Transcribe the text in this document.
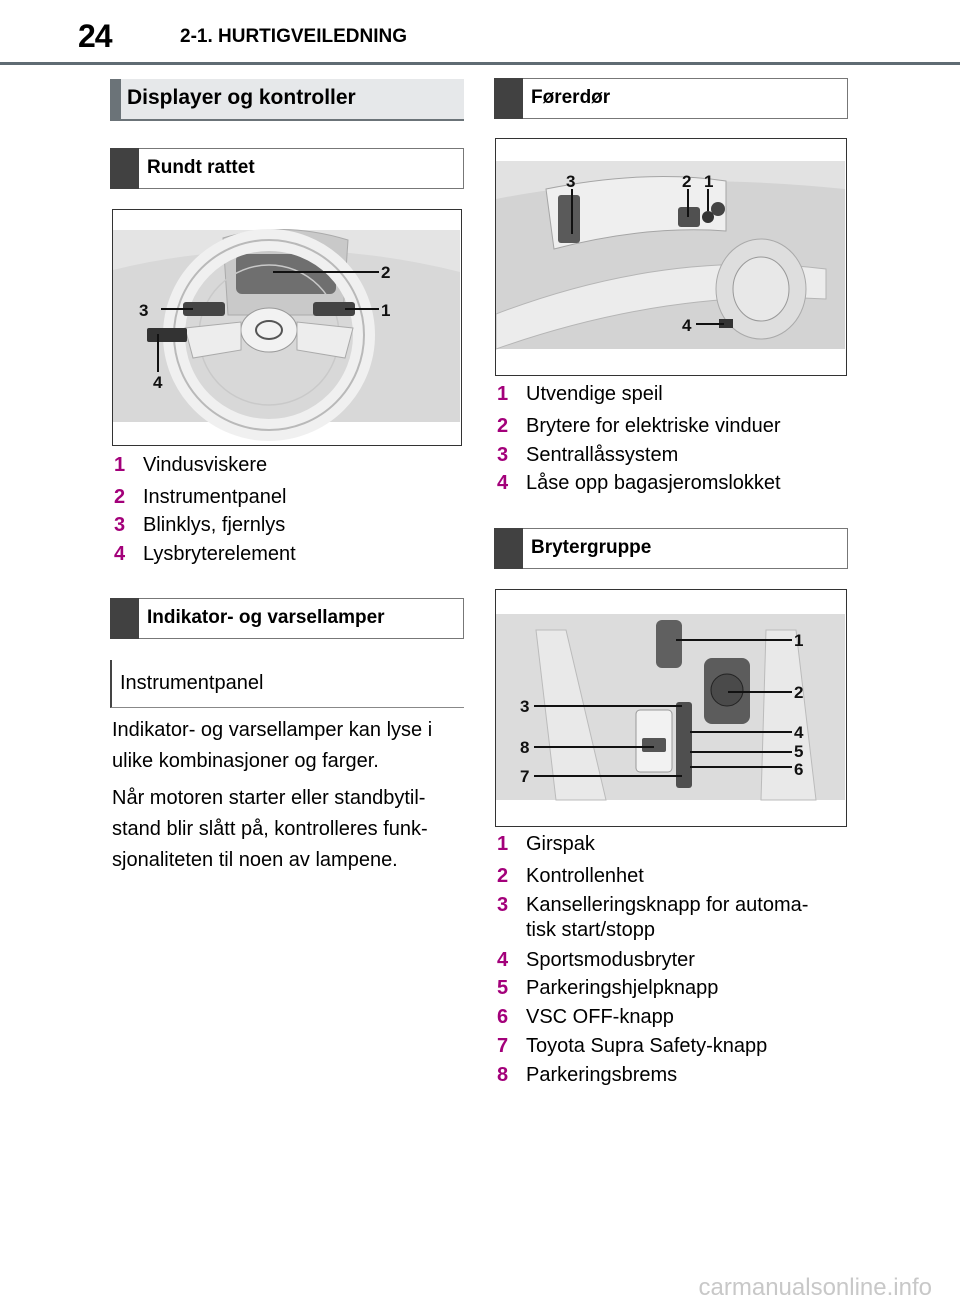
24	2-1. HURTIGVEILEDNING
Displayer og kontroller
Rundt rattet
2
1
3
4
1 Vindusviskere
2 Instrumentpanel
3 Blinklys, fjernlys
4 Lysbryterelement
Indikator- og varsellamper
Instrumentpanel
Indikator- og varsellamper kan lyse i ulike kombinasjoner og farger.
Når motoren starter eller standbytil-stand blir slått på, kontrolleres funk-sjonaliteten til noen av lampene.
Førerdør
3	2 1
4
1 Utvendige speil
2 Brytere for elektriske vinduer
3 Sentrallåssystem
4 Låse opp bagasjeromslokket
Brytergruppe
1
2
3
4
5
6
7
8
1 Girspak
2 Kontrollenhet
3 Kanselleringsknapp for automa-tisk start/stopp
4 Sportsmodusbryter
5 Parkeringshjelpknapp
6 VSC OFF-knapp
7 Toyota Supra Safety-knapp
8 Parkeringsbrems
carmanualsonline.info
